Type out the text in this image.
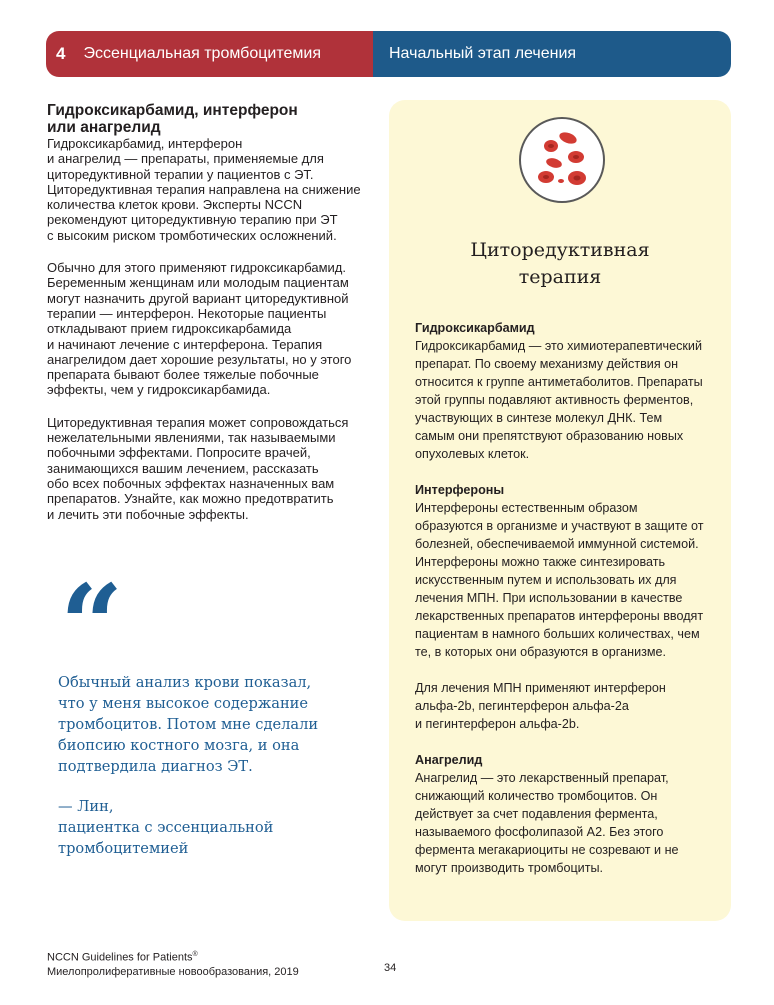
4 Эссенциальная тромбоцитемия	Начальный этап лечения
Гидроксикарбамид, интерферон
или анагрелид

Гидроксикарбамид, интерферон
и анагрелид — препараты, применяемые для
циторедуктивной терапии у пациентов с ЭТ.
Циторедуктивная терапия направлена на снижение
количества клеток крови. Эксперты NCCN
рекомендуют циторедуктивную терапию при ЭТ
с высоким риском тромботических осложнений.

Обычно для этого применяют гидроксикарбамид.
Беременным женщинам или молодым пациентам
могут назначить другой вариант циторедуктивной
терапии — интерферон. Некоторые пациенты
откладывают прием гидроксикарбамида
и начинают лечение с интерферона. Терапия
анагрелидом дает хорошие результаты, но у этого
препарата бывают более тяжелые побочные
эффекты, чем у гидроксикарбамида.

Циторедуктивная терапия может сопровождаться
нежелательными явлениями, так называемыми
побочными эффектами. Попросите врачей,
занимающихся вашим лечением, рассказать
обо всех побочных эффектах назначенных вам
препаратов. Узнайте, как можно предотвратить
и лечить эти побочные эффекты.

“
Обычный анализ крови показал,
что у меня высокое содержание
тромбоцитов. Потом мне сделали
биопсию костного мозга, и она
подтвердила диагноз ЭТ.
— Лин,
пациентка с эссенциальной
тромбоцитемией
Циторедуктивная
терапия
Гидроксикарбамид

Гидроксикарбамид — это химиотерапевтический
препарат. По своему механизму действия он
относится к группе антиметаболитов. Препараты
этой группы подавляют активность ферментов,
участвующих в синтезе молекул ДНК. Тем
самым они препятствуют образованию новых
опухолевых клеток.

Интерфероны

Интерфероны естественным образом
образуются в организме и участвуют в защите от
болезней, обеспечиваемой иммунной системой.
Интерфероны можно также синтезировать
искусственным путем и использовать их для
лечения МПН. При использовании в качестве
лекарственных препаратов интерфероны вводят
пациентам в намного больших количествах, чем
те, в которых они образуются в организме.

Для лечения МПН применяют интерферон
альфа-2b, пегинтерферон альфа-2a
и пегинтерферон альфа-2b.

Анагрелид

Анагрелид — это лекарственный препарат,
снижающий количество тромбоцитов. Он
действует за счет подавления фермента,
называемого фосфолипазой А2. Без этого
фермента мегакариоциты не созревают и не
могут производить тромбоциты.

NCCN Guidelines for Patients®
Миелопролиферативные новообразования, 2019	34
